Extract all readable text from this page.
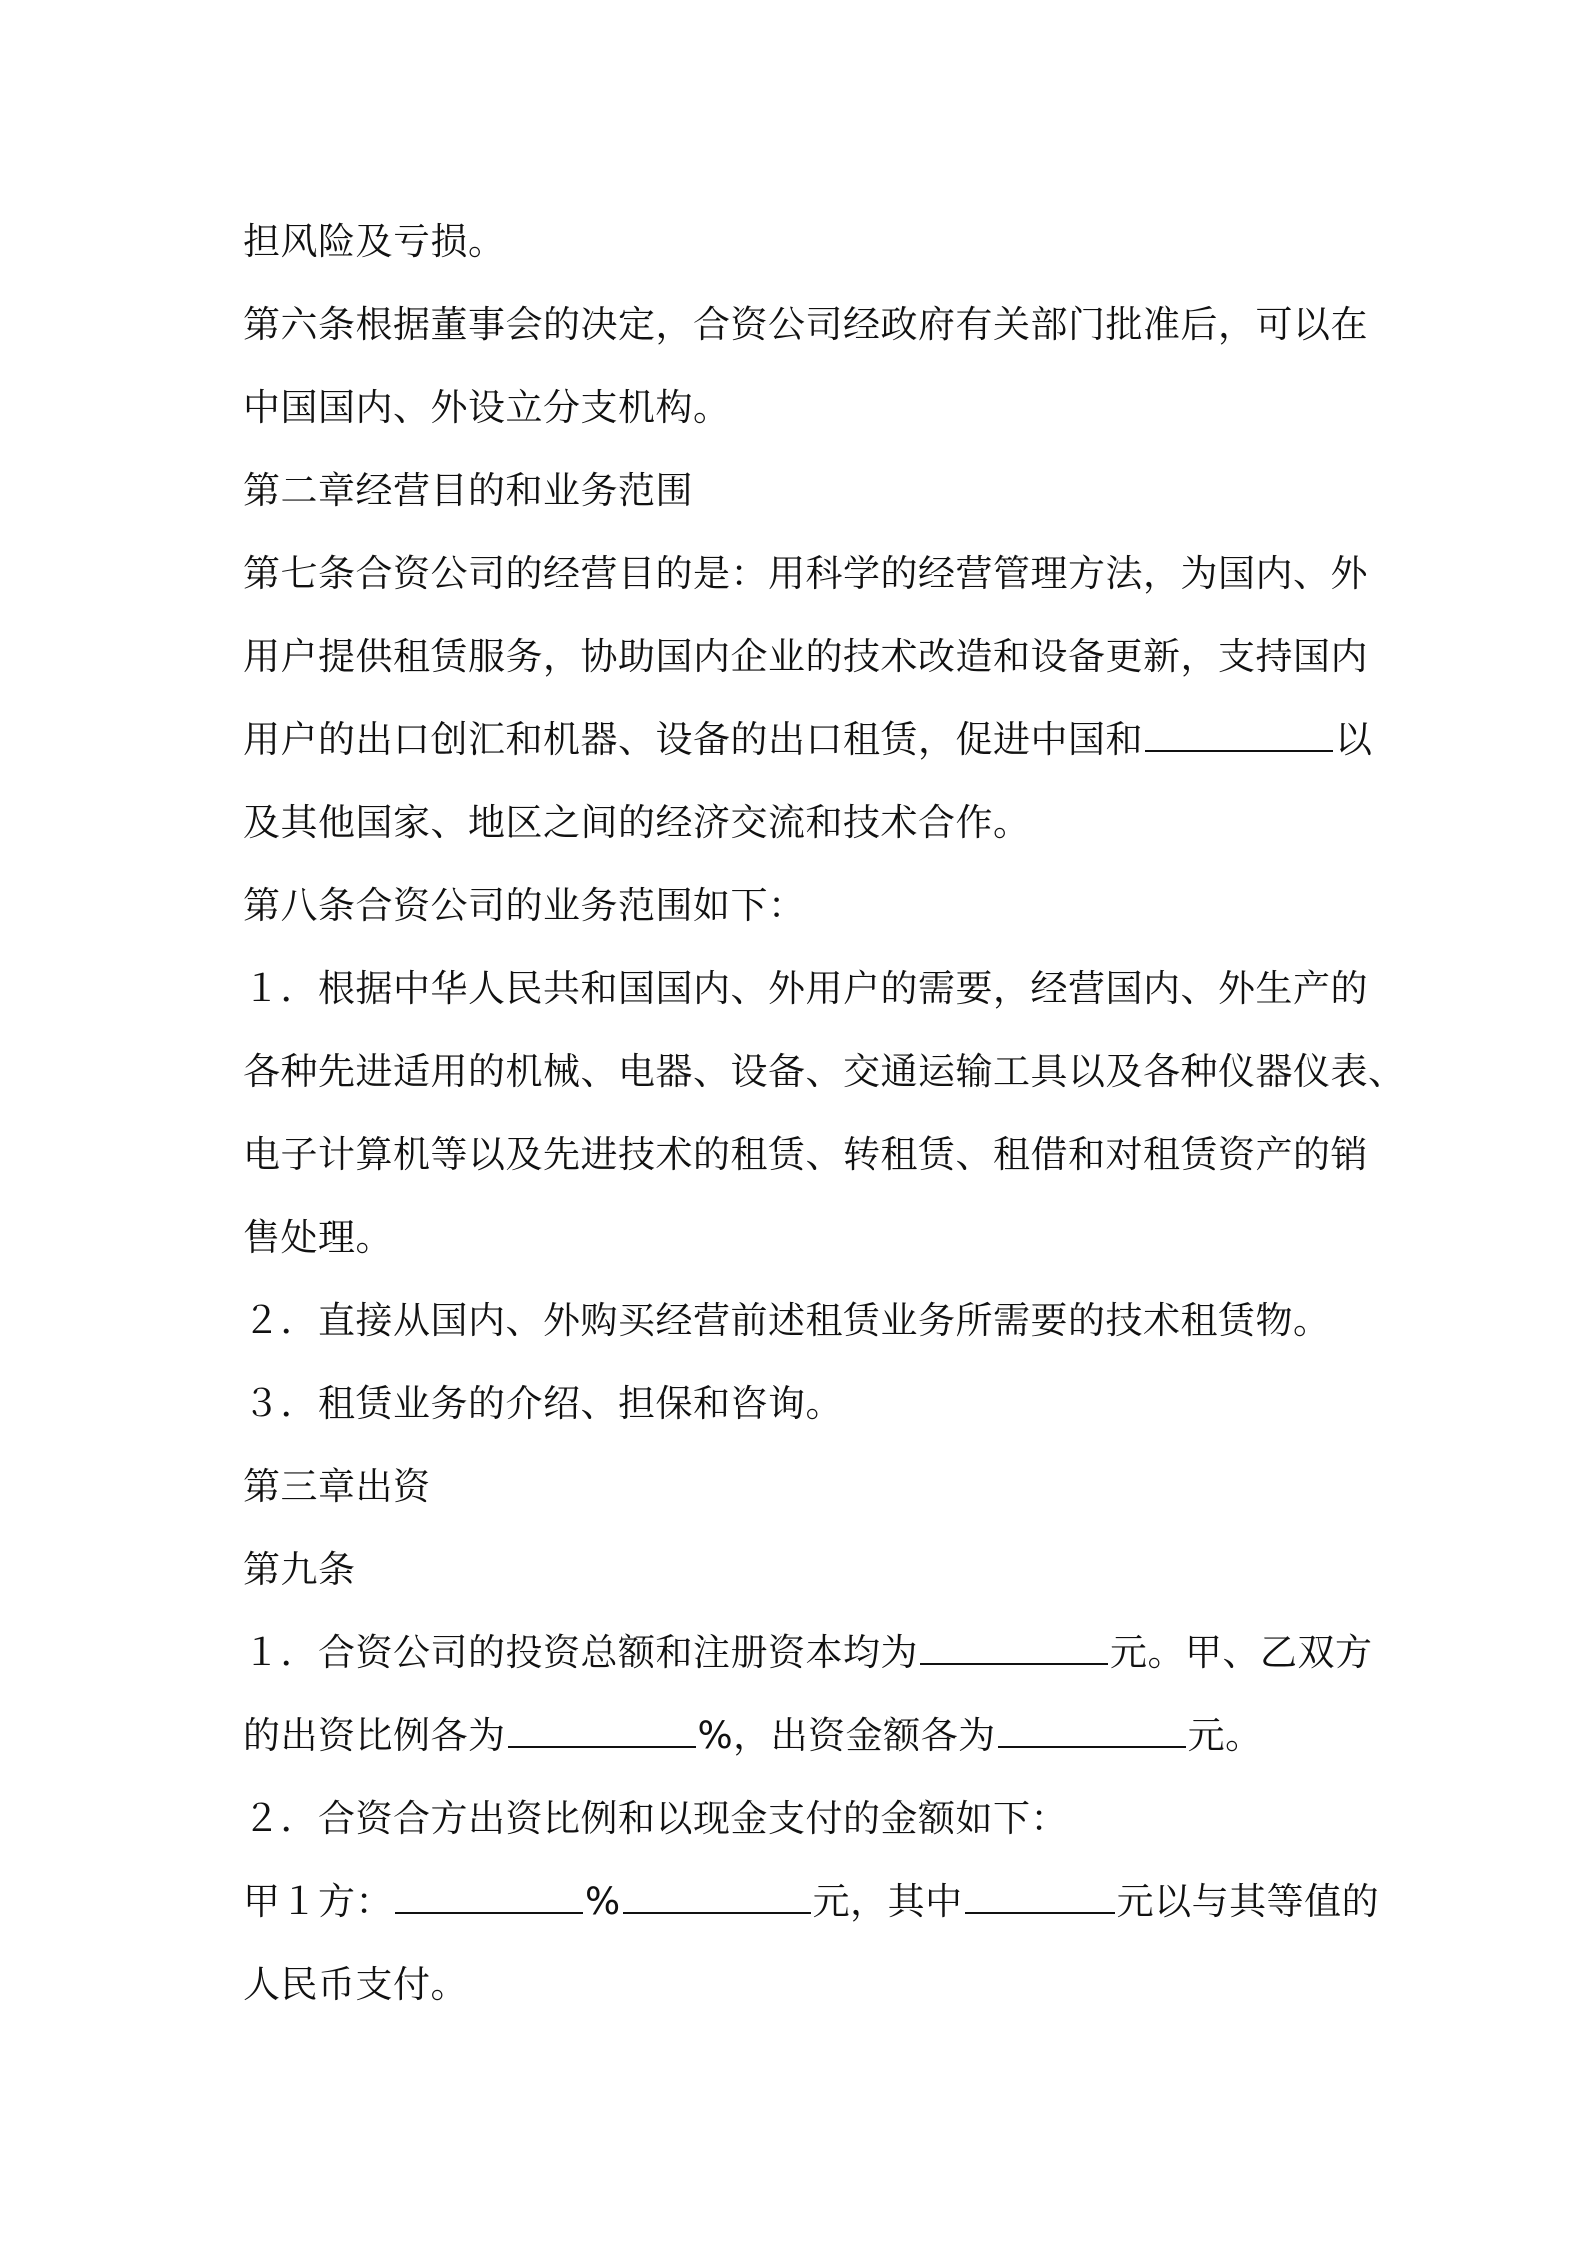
担风险及亏损。
第六条根据董事会的决定，合资公司经政府有关部门批准后，可以在
中国国内、外设立分支机构。
第二章经营目的和业务范围
第七条合资公司的经营目的是：用科学的经营管理方法，为国内、外
用户提供租赁服务，协助国内企业的技术改造和设备更新，支持国内
用户的出口创汇和机器、设备的出口租赁，促进中国和	以
及其他国家、地区之间的经济交流和技术合作。
第八条合资公司的业务范围如下：
１．根据中华人民共和国国内、外用户的需要，经营国内、外生产的
各种先进适用的机械、电器、设备、交通运输工具以及各种仪器仪表、
电子计算机等以及先进技术的租赁、转租赁、租借和对租赁资产的销
售处理。
２．直接从国内、外购买经营前述租赁业务所需要的技术租赁物。
３．租赁业务的介绍、担保和咨询。
第三章出资
第九条
１．合资公司的投资总额和注册资本均为	元。甲、乙双方
的出资比例各为	%，出资金额各为	元。
２．合资合方出资比例和以现金支付的金额如下：
甲１方：	%	元，其中	元以与其等值的
人民币支付。
